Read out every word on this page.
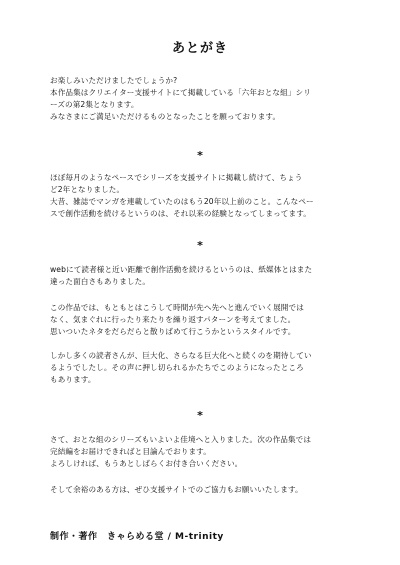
あとがき
お楽しみいただけましたでしょうか?
本作品集はクリエイター支援サイトにて掲載している「六年おとな組」シリ
ーズの第2集となります。
みなさまにご満足いただけるものとなったことを願っております。
*
ほぼ毎月のようなペースでシリーズを支援サイトに掲載し続けて、ちょう
ど2年となりました。
大昔、雑誌でマンガを連載していたのはもう20年以上前のこと。こんなペー
スで創作活動を続けるというのは、それ以来の経験となってしまってます。
*
webにて読者様と近い距離で創作活動を続けるというのは、紙媒体とはまた
違った面白さもありました。
この作品では、もともとはこうして時間が先へ先へと進んでいく展開では
なく、気まぐれに行ったり来たりを繰り返すパターンを考えてました。
思いついたネタをだらだらと散りばめて行こうかというスタイルです。
しかし多くの読者さんが、巨大化、さらなる巨大化へと続くのを期待してい
るようでしたし。その声に押し切られるかたちでこのようになったところ
もあります。
*
さて、おとな組のシリーズもいよいよ佳境へと入りました。次の作品集では
完結編をお届けできればと目論んでおります。
よろしければ、もうあとしばらくお付き合いください。
そして余裕のある方は、ぜひ支援サイトでのご協力もお願いいたします。
制作・著作　きゃらめる堂 / M-trinity
